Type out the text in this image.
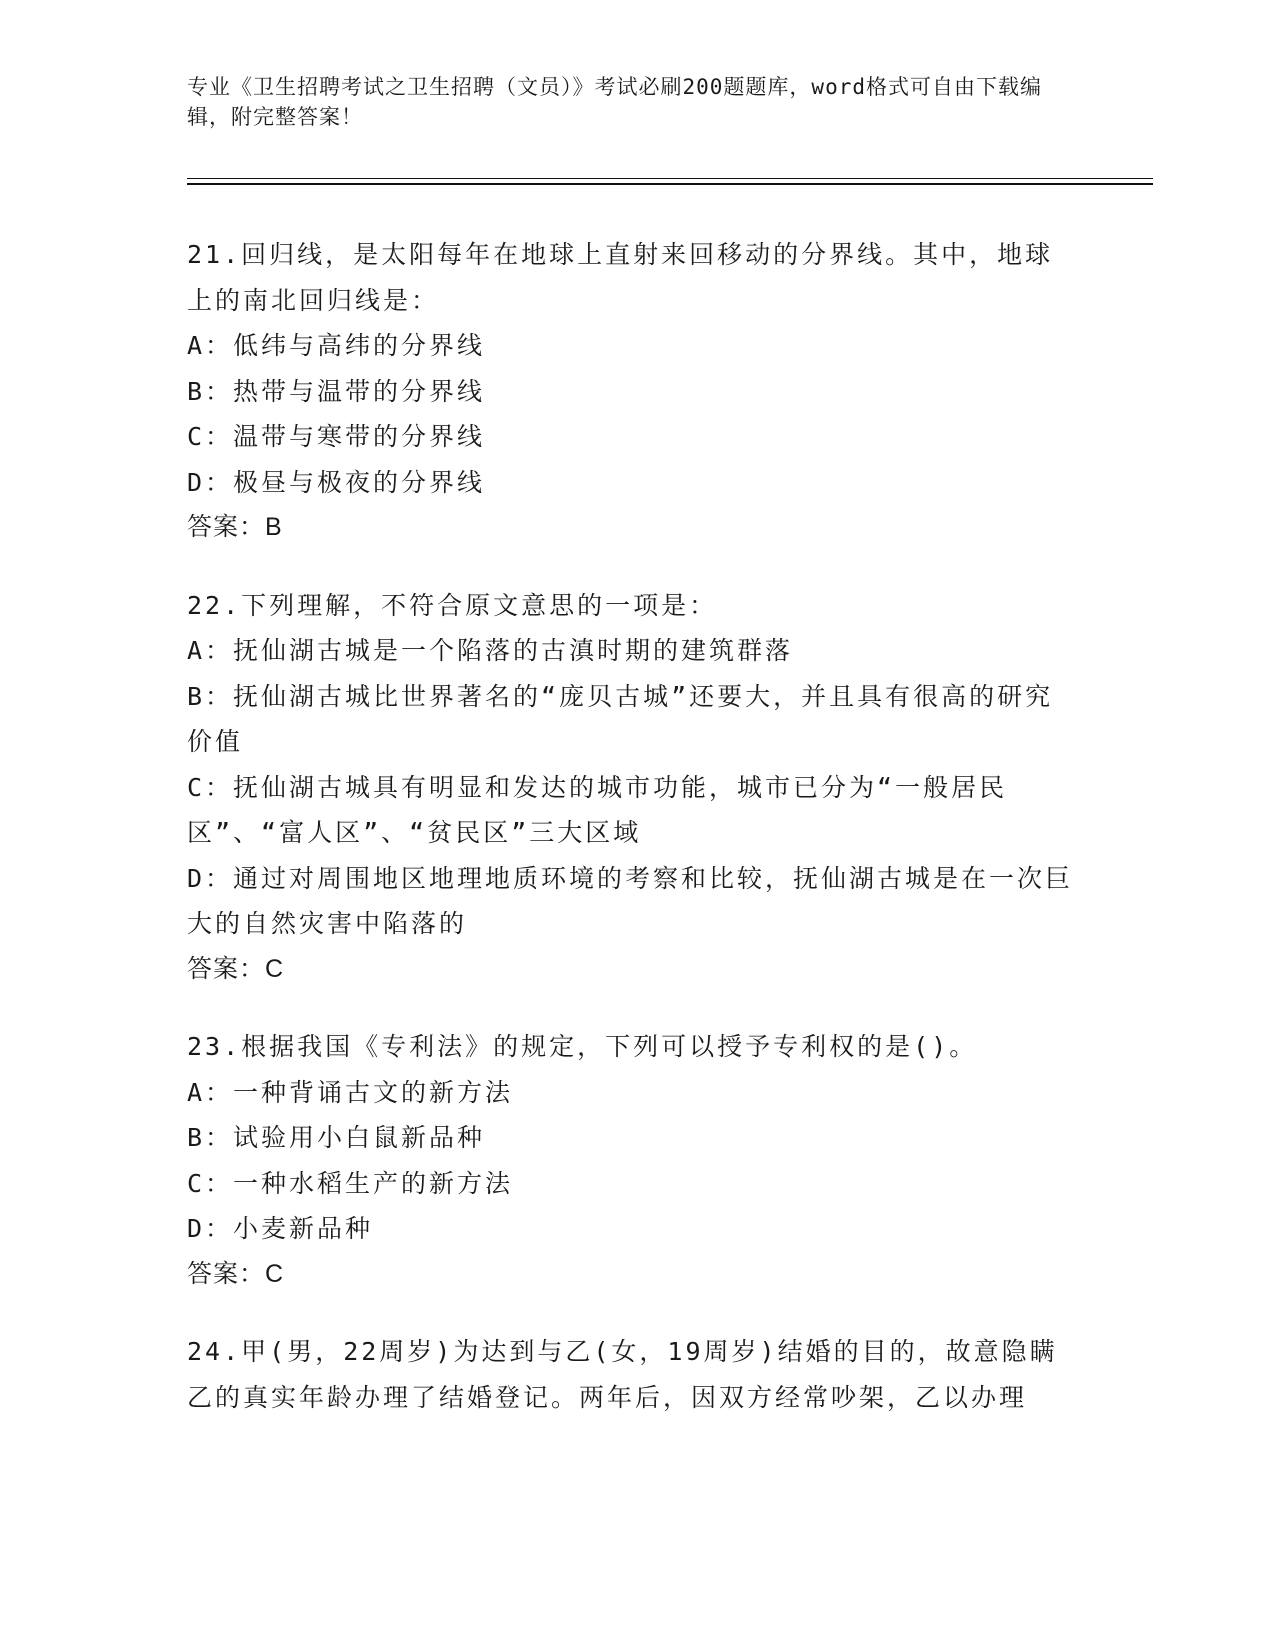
专业《卫生招聘考试之卫生招聘（文员）》考试必刷200题题库，word格式可自由下载编辑，附完整答案！

21.回归线，是太阳每年在地球上直射来回移动的分界线。其中，地球上的南北回归线是：

A：低纬与高纬的分界线

B：热带与温带的分界线

C：温带与寒带的分界线

D：极昼与极夜的分界线

答案：B

22.下列理解，不符合原文意思的一项是：

A：抚仙湖古城是一个陷落的古滇时期的建筑群落

B：抚仙湖古城比世界著名的“庞贝古城”还要大，并且具有很高的研究价值

C：抚仙湖古城具有明显和发达的城市功能，城市已分为“一般居民区”、“富人区”、“贫民区”三大区域

D：通过对周围地区地理地质环境的考察和比较，抚仙湖古城是在一次巨大的自然灾害中陷落的

答案：C

23.根据我国《专利法》的规定，下列可以授予专利权的是()。

A：一种背诵古文的新方法

B：试验用小白鼠新品种

C：一种水稻生产的新方法

D：小麦新品种

答案：C

24.甲(男，22周岁)为达到与乙(女，19周岁)结婚的目的，故意隐瞒乙的真实年龄办理了结婚登记。两年后，因双方经常吵架，乙以办理
